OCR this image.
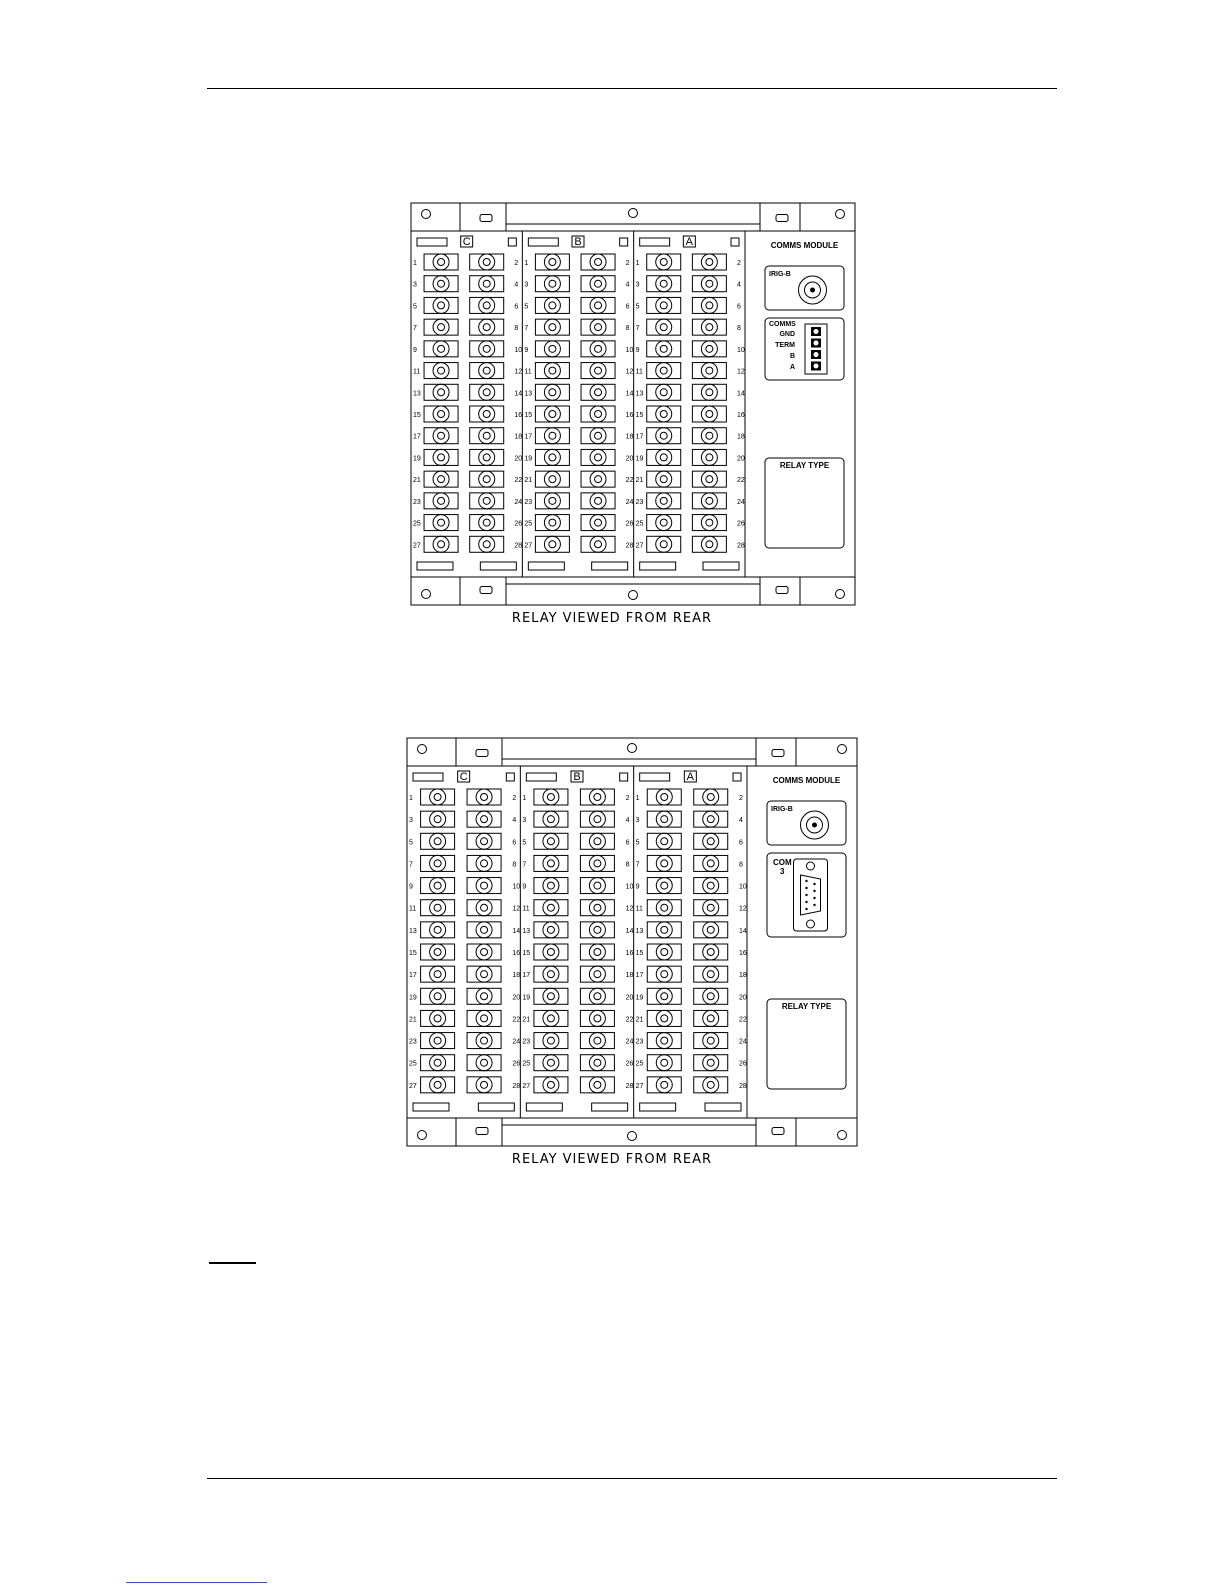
C
1	2
3	4
5	6
7	8
9	10
11	12
13	14
15	16
17	18
19	20
21	22
23	24
25	26
27	28
B
1	2
3	4
5	6
7	8
9	10
11	12
13	14
15	16
17	18
19	20
21	22
23	24
25	26
27	28
A
1	2
3	4
5	6
7	8
9	10
11	12
13	14
15	16
17	18
19	20
21	22
23	24
25	26
27	28
COMMS MODULE
IRIG-B
COMMS
GND
TERM
B
A
RELAY TYPE
RELAY VIEWED FROM REAR
C
1	2
3	4
5	6
7	8
9	10
11	12
13	14
15	16
17	18
19	20
21	22
23	24
25	26
27	28
B
1	2
3	4
5	6
7	8
9	10
11	12
13	14
15	16
17	18
19	20
21	22
23	24
25	26
27	28
A
1	2
3	4
5	6
7	8
9	10
11	12
13	14
15	16
17	18
19	20
21	22
23	24
25	26
27	28
COMMS MODULE
IRIG-B
COM
3
RELAY TYPE
RELAY VIEWED FROM REAR
